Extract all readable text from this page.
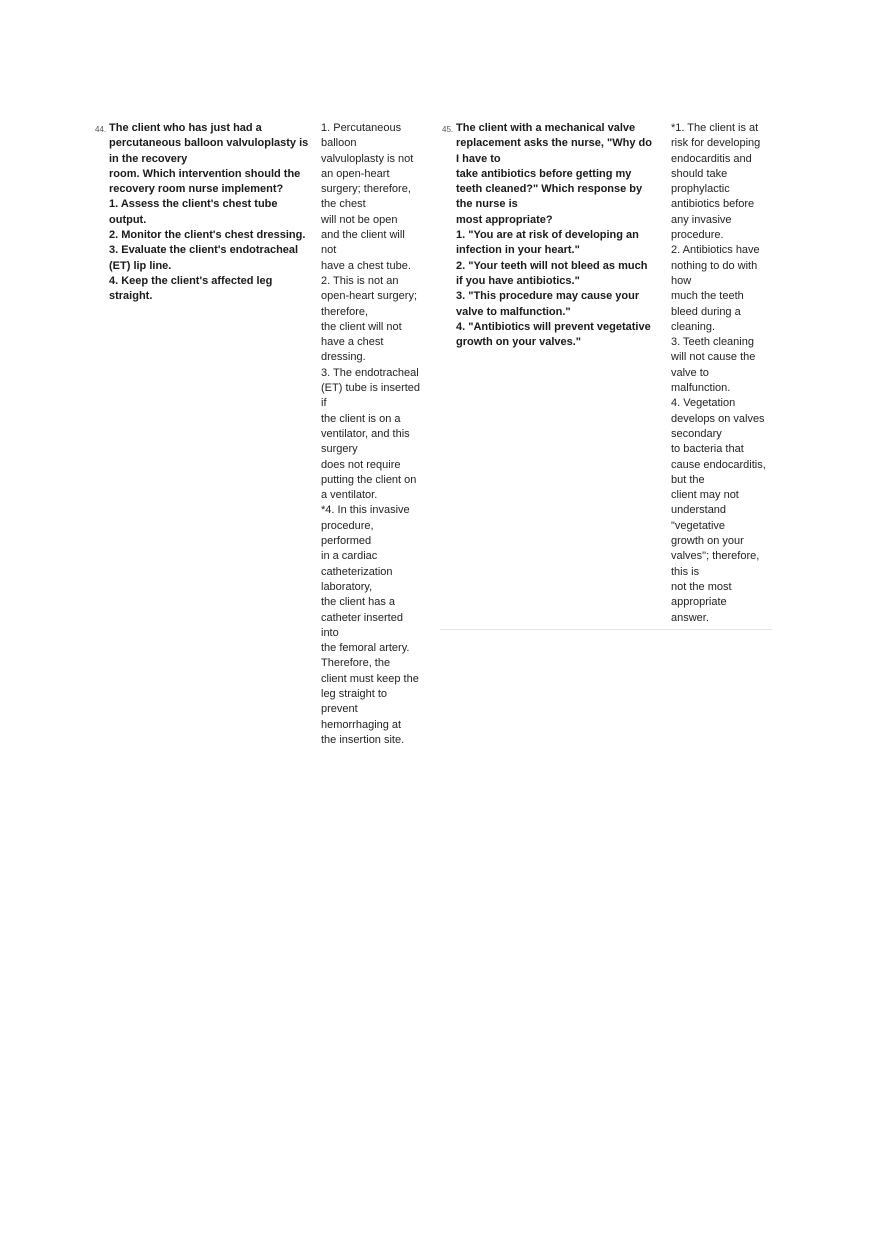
44. The client who has just had a
percutaneous balloon valvuloplasty is
in the recovery
room. Which intervention should the
recovery room nurse implement?
1. Assess the client's chest tube
output.
2. Monitor the client's chest dressing.
3. Evaluate the client's endotracheal
(ET) lip line.
4. Keep the client's affected leg
straight.
1. Percutaneous
balloon
valvuloplasty is not
an open-heart
surgery; therefore,
the chest
will not be open
and the client will
not
have a chest tube.
2. This is not an
open-heart surgery;
therefore,
the client will not
have a chest
dressing.
3. The endotracheal
(ET) tube is inserted
if
the client is on a
ventilator, and this
surgery
does not require
putting the client on
a ventilator.
*4. In this invasive
procedure,
performed
in a cardiac
catheterization
laboratory,
the client has a
catheter inserted
into
the femoral artery.
Therefore, the
client must keep the
leg straight to
prevent
hemorrhaging at
the insertion site.
45. The client with a mechanical valve
replacement asks the nurse, "Why do
I have to
take antibiotics before getting my
teeth cleaned?" Which response by
the nurse is
most appropriate?
1. "You are at risk of developing an
infection in your heart."
2. "Your teeth will not bleed as much
if you have antibiotics."
3. "This procedure may cause your
valve to malfunction."
4. "Antibiotics will prevent vegetative
growth on your valves."
*1. The client is at
risk for developing
endocarditis and
should take
prophylactic
antibiotics before
any invasive
procedure.
2. Antibiotics have
nothing to do with
how
much the teeth
bleed during a
cleaning.
3. Teeth cleaning
will not cause the
valve to
malfunction.
4. Vegetation
develops on valves
secondary
to bacteria that
cause endocarditis,
but the
client may not
understand
"vegetative
growth on your
valves"; therefore,
this is
not the most
appropriate
answer.
